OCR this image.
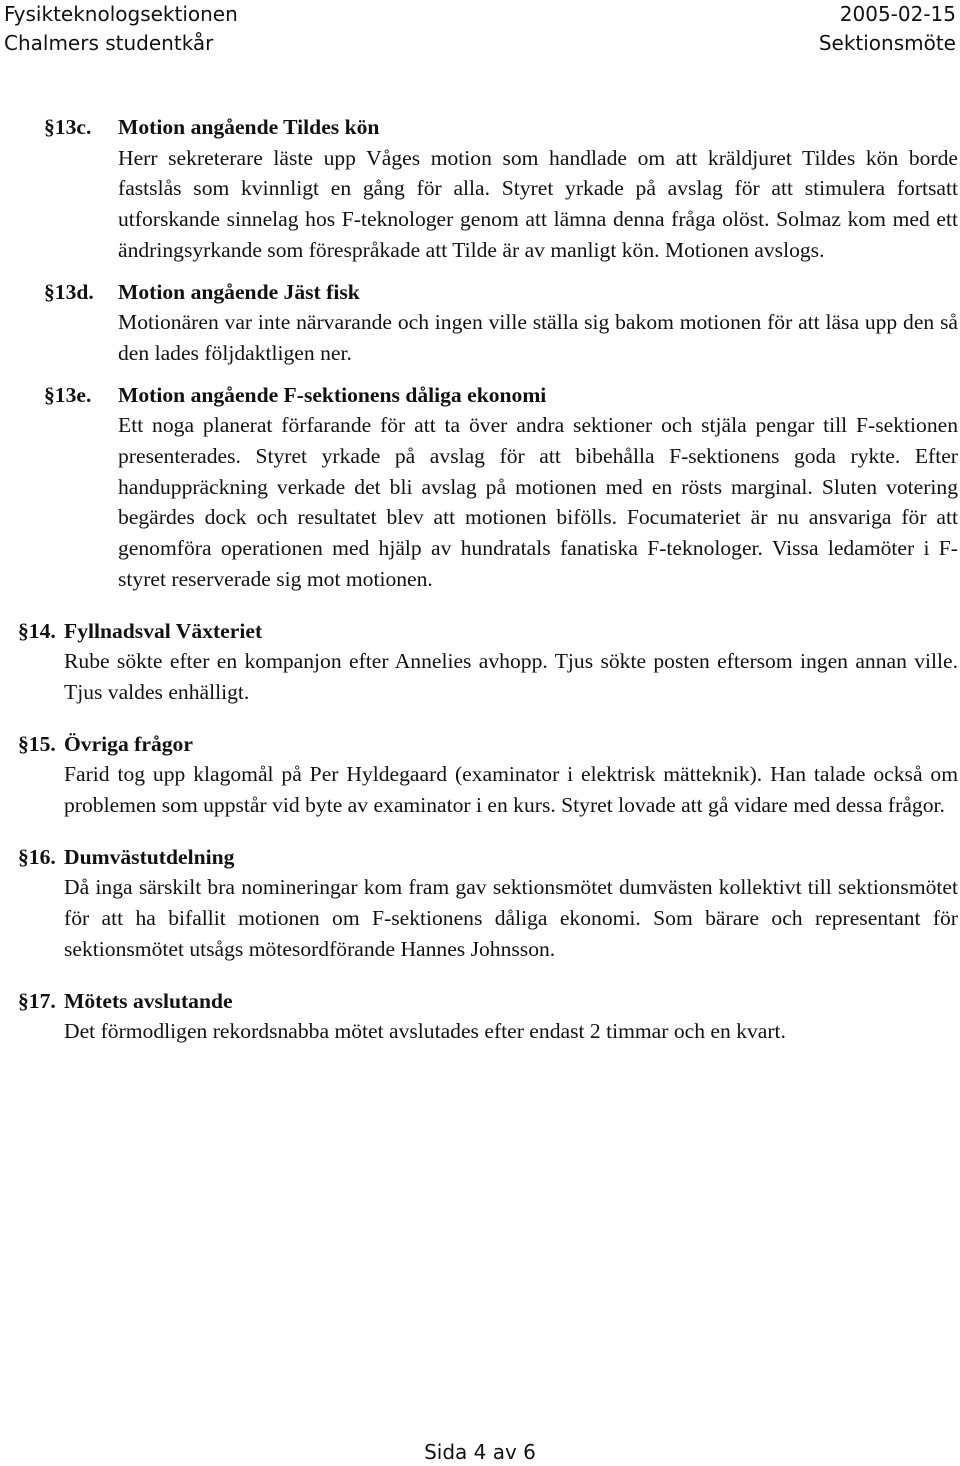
Fysikteknologsektionen	2005-02-15
Chalmers studentkår	Sektionsmöte
§13c. Motion angående Tildes kön
Herr sekreterare läste upp Våges motion som handlade om att kräldjuret Tildes kön borde fastslås som kvinnligt en gång för alla. Styret yrkade på avslag för att stimulera fortsatt utforskande sinnelag hos F-teknologer genom att lämna denna fråga olöst. Solmaz kom med ett ändringsyrkande som förespråkade att Tilde är av manligt kön. Motionen avslogs.
§13d. Motion angående Jäst fisk
Motionären var inte närvarande och ingen ville ställa sig bakom motionen för att läsa upp den så den lades följdaktligen ner.
§13e. Motion angående F-sektionens dåliga ekonomi
Ett noga planerat förfarande för att ta över andra sektioner och stjäla pengar till F-sektionen presenterades. Styret yrkade på avslag för att bibehålla F-sektionens goda rykte. Efter handuppräckning verkade det bli avslag på motionen med en rösts marginal. Sluten votering begärdes dock och resultatet blev att motionen bifölls. Focumateriet är nu ansvariga för att genomföra operationen med hjälp av hundratals fanatiska F-teknologer. Vissa ledamöter i F-styret reserverade sig mot motionen.
§14. Fyllnadsval Växteriet
Rube sökte efter en kompanjon efter Annelies avhopp. Tjus sökte posten eftersom ingen annan ville. Tjus valdes enhälligt.
§15. Övriga frågor
Farid tog upp klagomål på Per Hyldegaard (examinator i elektrisk mätteknik). Han talade också om problemen som uppstår vid byte av examinator i en kurs. Styret lovade att gå vidare med dessa frågor.
§16. Dumvästutdelning
Då inga särskilt bra nomineringar kom fram gav sektionsmötet dumvästen kollektivt till sektionsmötet för att ha bifallit motionen om F-sektionens dåliga ekonomi. Som bärare och representant för sektionsmötet utsågs mötesordförande Hannes Johnsson.
§17. Mötets avslutande
Det förmodligen rekordsnabba mötet avslutades efter endast 2 timmar och en kvart.
Sida 4 av 6
